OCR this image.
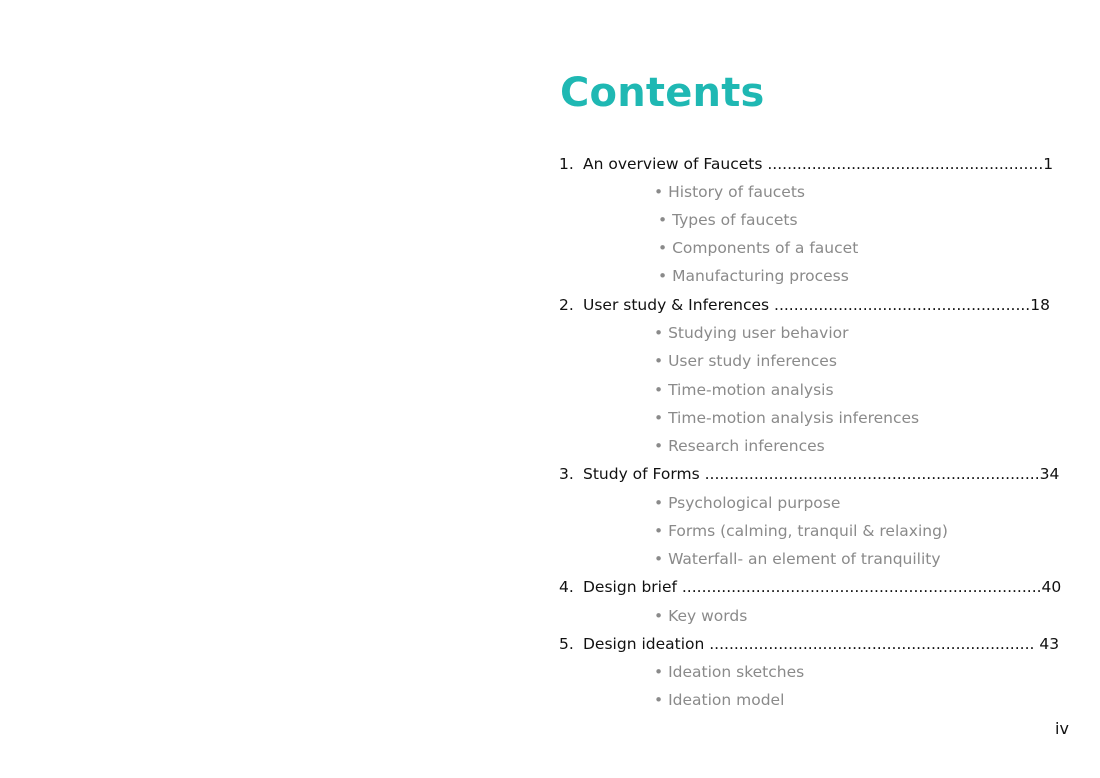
Contents
1. An overview of Faucets ........................................................1
• History of faucets
• Types of faucets
• Components of a faucet
• Manufacturing process
2. User study & Inferences ....................................................18
• Studying user behavior
• User study inferences
• Time-motion analysis
• Time-motion analysis inferences
• Research inferences
3. Study of Forms ....................................................................34
• Psychological purpose
• Forms (calming, tranquil & relaxing)
• Waterfall- an element of tranquility
4. Design brief .........................................................................40
• Key words
5. Design ideation .................................................................. 43
• Ideation sketches
• Ideation model
iv
